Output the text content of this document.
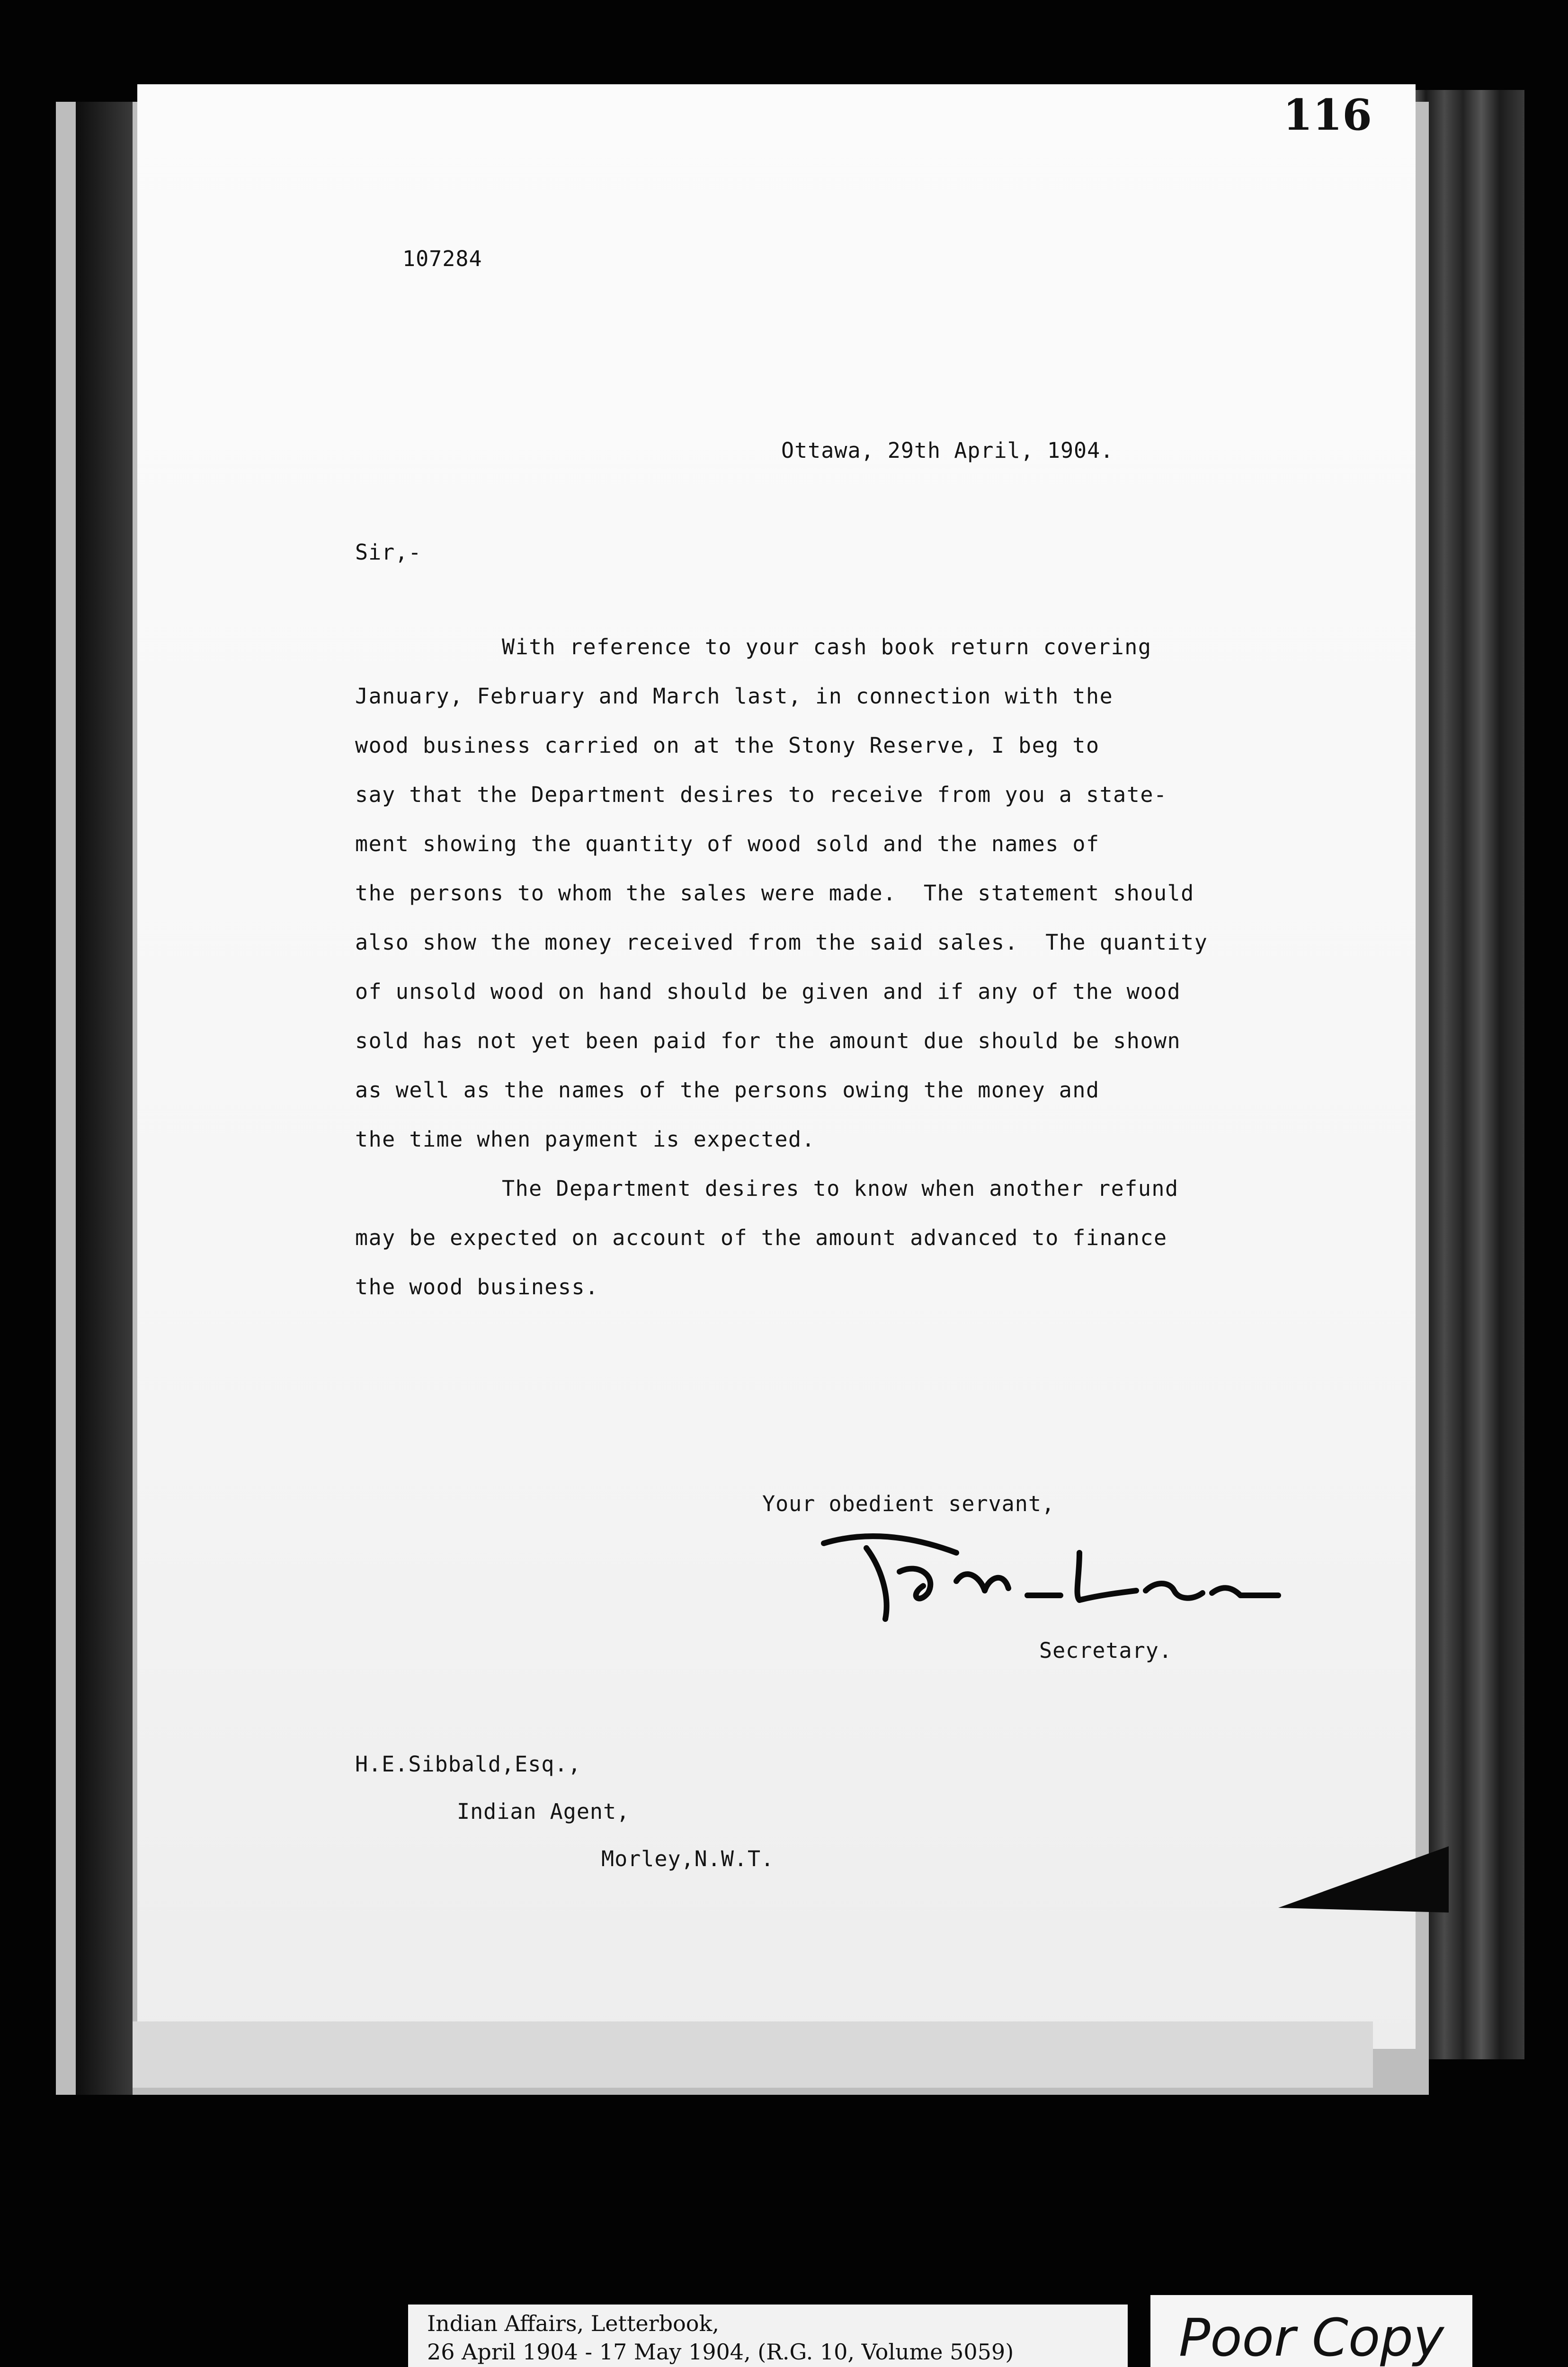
116
107284
Ottawa, 29th April, 1904.
Sir,-
With reference to your cash book return covering
January, February and March last, in connection with the
wood business carried on at the Stony Reserve, I beg to
say that the Department desires to receive from you a state-
ment showing the quantity of wood sold and the names of
the persons to whom the sales were made.  The statement should
also show the money received from the said sales.  The quantity
of unsold wood on hand should be given and if any of the wood
sold has not yet been paid for the amount due should be shown
as well as the names of the persons owing the money and
the time when payment is expected.
The Department desires to know when another refund
may be expected on account of the amount advanced to finance
the wood business.
Your obedient servant,
Secretary.
H.E.Sibbald,Esq.,
Indian Agent,
Morley,N.W.T.
Indian Affairs, Letterbook,
26 April 1904 - 17 May 1904, (R.G. 10, Volume 5059)	Poor Copy
